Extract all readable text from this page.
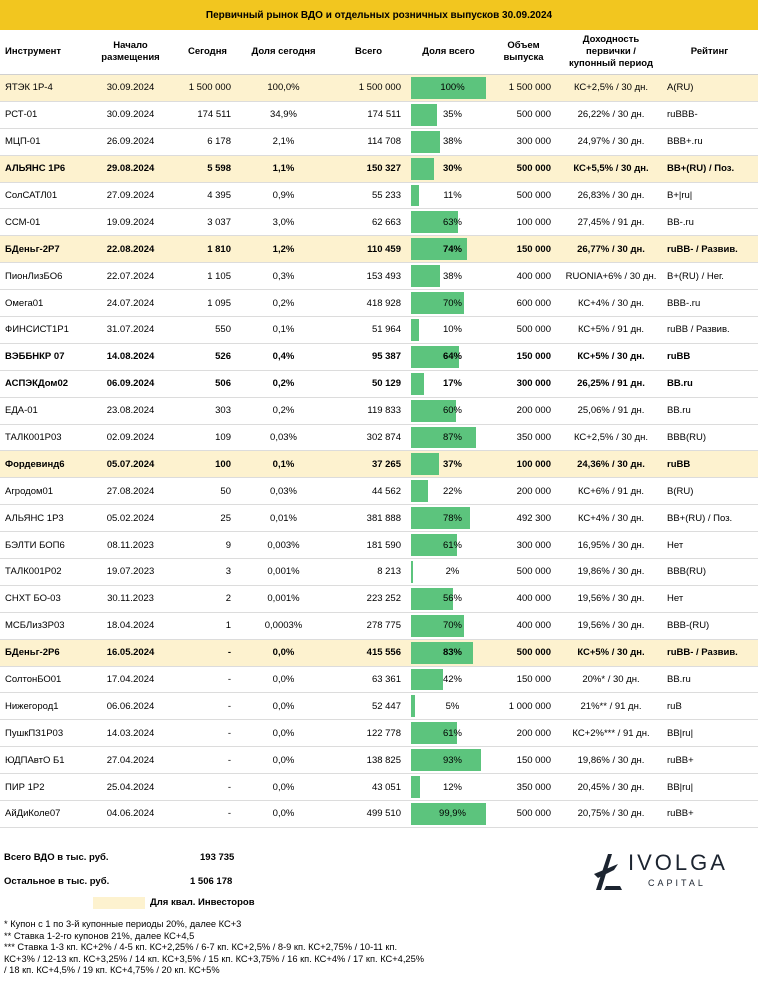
Первичный рынок ВДО и отдельных розничных выпусков 30.09.2024
Инструмент	Начало размещения	Сегодня	Доля сегодня	Всего	Доля всего	Объем выпуска	Доходность первички / купонный период	Рейтинг
ЯТЭК 1Р-4	30.09.2024	1 500 000	100,0%	1 500 000	100%	1 500 000	КС+2,5% / 30 дн.	A(RU)
РСТ-01	30.09.2024	174 511	34,9%	174 511	35%	500 000	26,22% / 30 дн.	ruBBB-
МЦП-01	26.09.2024	6 178	2,1%	114 708	38%	300 000	24,97% / 30 дн.	BBB+.ru
АЛЬЯНС 1Р6	29.08.2024	5 598	1,1%	150 327	30%	500 000	КС+5,5% / 30 дн.	BB+(RU) / Поз.
СолСАТЛ01	27.09.2024	4 395	0,9%	55 233	11%	500 000	26,83% / 30 дн.	B+|ru|
ССМ-01	19.09.2024	3 037	3,0%	62 663	63%	100 000	27,45% / 91 дн.	BB-.ru
БДеньг-2Р7	22.08.2024	1 810	1,2%	110 459	74%	150 000	26,77% / 30 дн.	ruBB- / Развив.
ПионЛизБО6	22.07.2024	1 105	0,3%	153 493	38%	400 000	RUONIA+6% / 30 дн.	B+(RU) / Нег.
Омега01	24.07.2024	1 095	0,2%	418 928	70%	600 000	КС+4% / 30 дн.	BBB-.ru
ФИНСИСТ1Р1	31.07.2024	550	0,1%	51 964	10%	500 000	КС+5% / 91 дн.	ruBB / Развив.
ВЭББНКР 07	14.08.2024	526	0,4%	95 387	64%	150 000	КС+5% / 30 дн.	ruBB
АСПЭКДом02	06.09.2024	506	0,2%	50 129	17%	300 000	26,25% / 91 дн.	BB.ru
ЕДА-01	23.08.2024	303	0,2%	119 833	60%	200 000	25,06% / 91 дн.	BB.ru
ТАЛК001Р03	02.09.2024	109	0,03%	302 874	87%	350 000	КС+2,5% / 30 дн.	BBB(RU)
Фордевинд6	05.07.2024	100	0,1%	37 265	37%	100 000	24,36% / 30 дн.	ruBB
Агродом01	27.08.2024	50	0,03%	44 562	22%	200 000	КС+6% / 91 дн.	B(RU)
АЛЬЯНС 1Р3	05.02.2024	25	0,01%	381 888	78%	492 300	КС+4% / 30 дн.	BB+(RU) / Поз.
БЭЛТИ БОП6	08.11.2023	9	0,003%	181 590	61%	300 000	16,95% / 30 дн.	Нет
ТАЛК001Р02	19.07.2023	3	0,001%	8 213	2%	500 000	19,86% / 30 дн.	BBB(RU)
СНХТ БО-03	30.11.2023	2	0,001%	223 252	56%	400 000	19,56% / 30 дн.	Нет
МСБЛизЗР03	18.04.2024	1	0,0003%	278 775	70%	400 000	19,56% / 30 дн.	BBB-(RU)
БДеньг-2Р6	16.05.2024	-	0,0%	415 556	83%	500 000	КС+5% / 30 дн.	ruBB- / Развив.
СолтонБО01	17.04.2024	-	0,0%	63 361	42%	150 000	20%* / 30 дн.	BB.ru
Нижегород1	06.06.2024	-	0,0%	52 447	5%	1 000 000	21%** / 91 дн.	ruB
ПушкПЗ1Р03	14.03.2024	-	0,0%	122 778	61%	200 000	КС+2%*** / 91 дн.	BB|ru|
ЮДПАвтО Б1	27.04.2024	-	0,0%	138 825	93%	150 000	19,86% / 30 дн.	ruBB+
ПИР 1Р2	25.04.2024	-	0,0%	43 051	12%	350 000	20,45% / 30 дн.	BB|ru|
АйДиКоле07	04.06.2024	-	0,0%	499 510	99,9%	500 000	20,75% / 30 дн.	ruBB+
Всего ВДО в тыс. руб.	193 735
Остальное в тыс. руб.	1 506 178
Для квал. Инвесторов
IVOLGA
CAPITAL
* Купон с 1 по 3-й купонные периоды 20%, далее КС+3
** Ставка 1-2-го купонов 21%, далее КС+4,5
*** Ставка 1-3 кп. КС+2% / 4-5 кп. КС+2,25% / 6-7 кп. КС+2,5% / 8-9 кп. КС+2,75% / 10-11 кп.
КС+3% / 12-13 кп. КС+3,25% / 14 кп. КС+3,5% / 15 кп. КС+3,75% / 16 кп. КС+4% / 17 кп. КС+4,25%
/ 18 кп. КС+4,5% / 19 кп. КС+4,75% / 20 кп. КС+5%
